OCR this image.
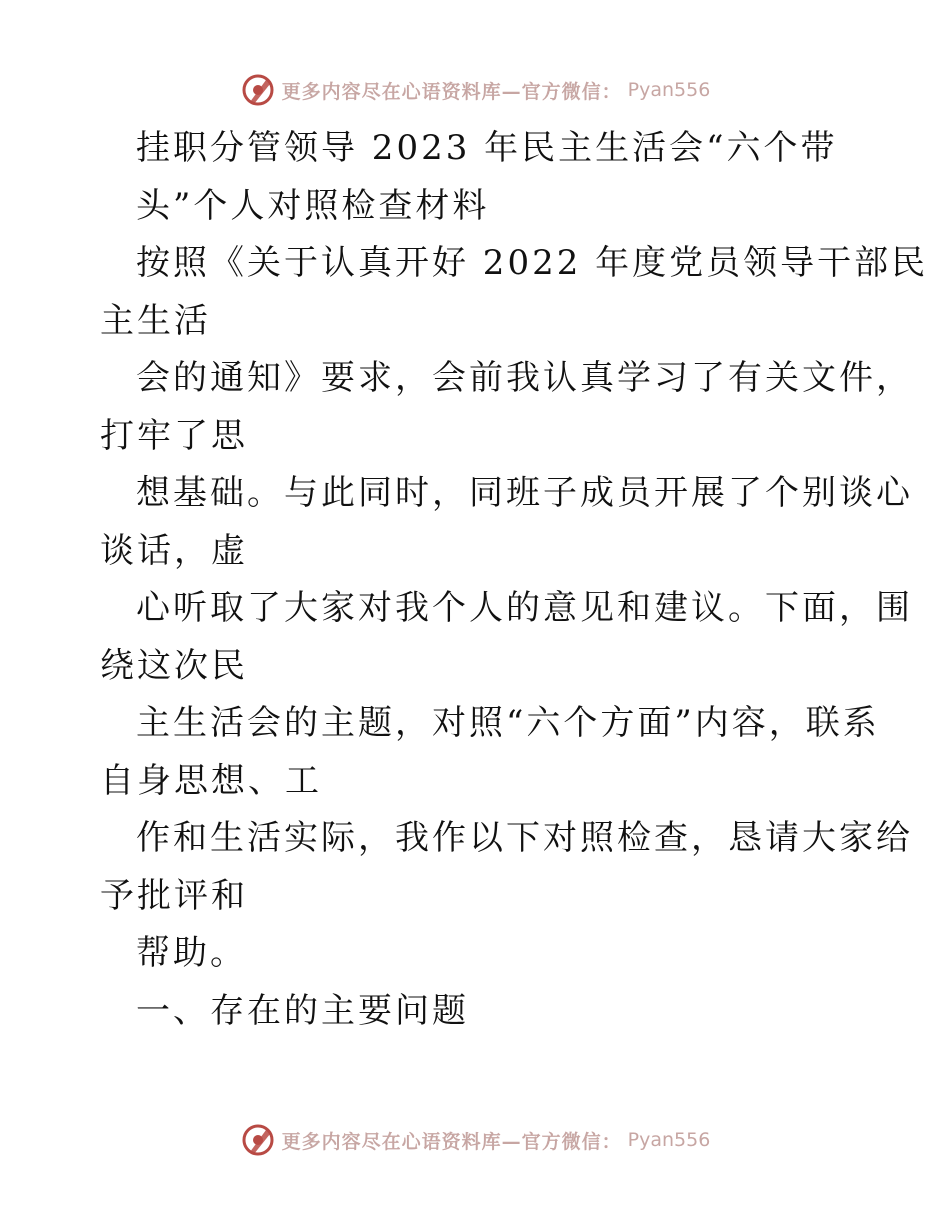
更多内容尽在心语资料库—官方微信： Pyan556
挂职分管领导 2023 年民主生活会“六个带
头”个人对照检查材料
按照《关于认真开好 2022 年度党员领导干部民
主生活
会的通知》要求，会前我认真学习了有关文件，
打牢了思
想基础。与此同时，同班子成员开展了个别谈心
谈话，虚
心听取了大家对我个人的意见和建议。下面，围
绕这次民
主生活会的主题，对照“六个方面”内容，联系
自身思想、工
作和生活实际，我作以下对照检查，恳请大家给
予批评和
帮助。
一、存在的主要问题
更多内容尽在心语资料库—官方微信： Pyan556
